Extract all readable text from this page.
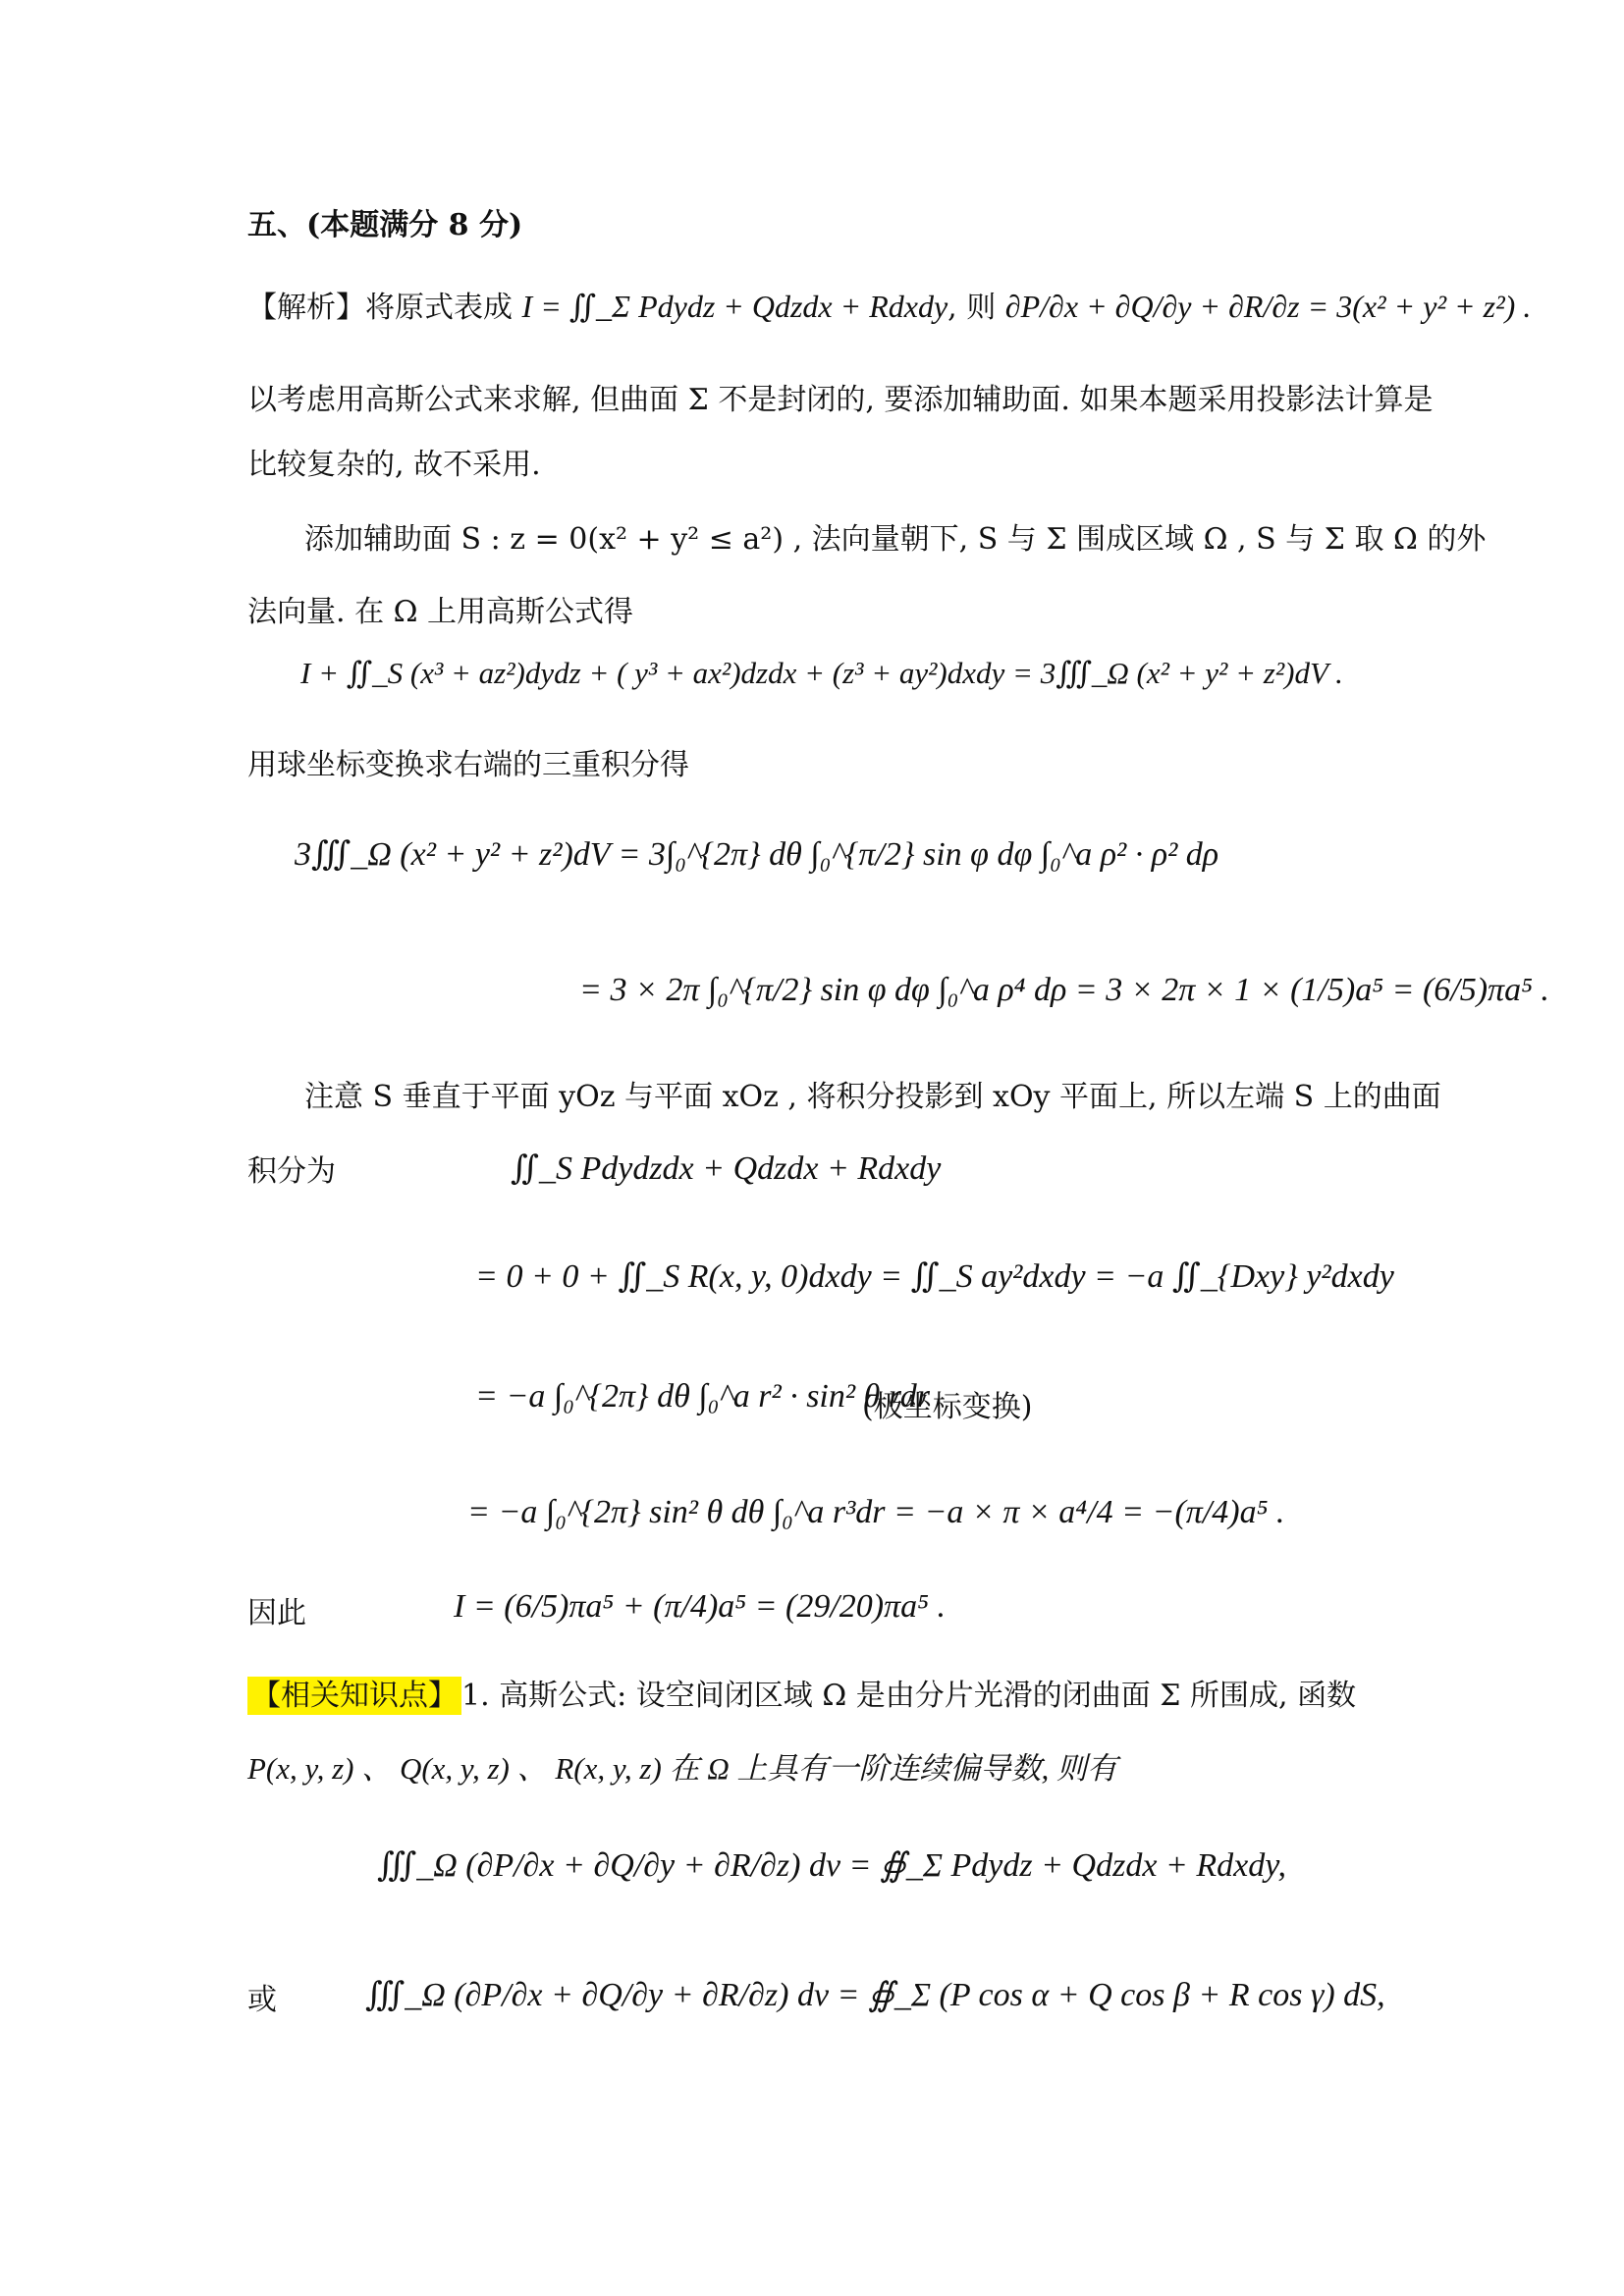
五、(本题满分 8 分)
【解析】将原式表成 I = ∬_Σ Pdydz + Qdzdx + Rdxdy, 则 ∂P/∂x + ∂Q/∂y + ∂R/∂z = 3(x² + y² + z²) .
以考虑用高斯公式来求解, 但曲面 Σ 不是封闭的, 要添加辅助面. 如果本题采用投影法计算是
比较复杂的, 故不采用.
添加辅助面 S : z = 0(x² + y² ≤ a²) , 法向量朝下, S 与 Σ 围成区域 Ω , S 与 Σ 取 Ω 的外
法向量. 在 Ω 上用高斯公式得
I + ∬_S (x³ + az²)dydz + ( y³ + ax²)dzdx + (z³ + ay²)dxdy = 3∭_Ω (x² + y² + z²)dV .
用球坐标变换求右端的三重积分得
3∭_Ω (x² + y² + z²)dV = 3∫₀^{2π} dθ ∫₀^{π/2} sin φ dφ ∫₀^a ρ² · ρ² dρ
= 3 × 2π ∫₀^{π/2} sin φ dφ ∫₀^a ρ⁴ dρ = 3 × 2π × 1 × (1/5)a⁵ = (6/5)πa⁵ .
注意 S 垂直于平面 yOz 与平面 xOz , 将积分投影到 xOy 平面上, 所以左端 S 上的曲面
积分为	∬_S Pdydzdx + Qdzdx + Rdxdy
= 0 + 0 + ∬_S R(x, y, 0)dxdy = ∬_S ay²dxdy = −a ∬_{Dxy} y²dxdy
= −a ∫₀^{2π} dθ ∫₀^a r² · sin² θ rdr
(极坐标变换)
= −a ∫₀^{2π} sin² θ dθ ∫₀^a r³dr = −a × π × a⁴/4 = −(π/4)a⁵ .
因此	I = (6/5)πa⁵ + (π/4)a⁵ = (29/20)πa⁵ .
【相关知识点】 1. 高斯公式: 设空间闭区域 Ω 是由分片光滑的闭曲面 Σ 所围成, 函数
P(x, y, z) 、 Q(x, y, z) 、 R(x, y, z) 在 Ω 上具有一阶连续偏导数, 则有
∭_Ω (∂P/∂x + ∂Q/∂y + ∂R/∂z) dv = ∯_Σ Pdydz + Qdzdx + Rdxdy,
或	∭_Ω (∂P/∂x + ∂Q/∂y + ∂R/∂z) dv = ∯_Σ (P cos α + Q cos β + R cos γ) dS,
